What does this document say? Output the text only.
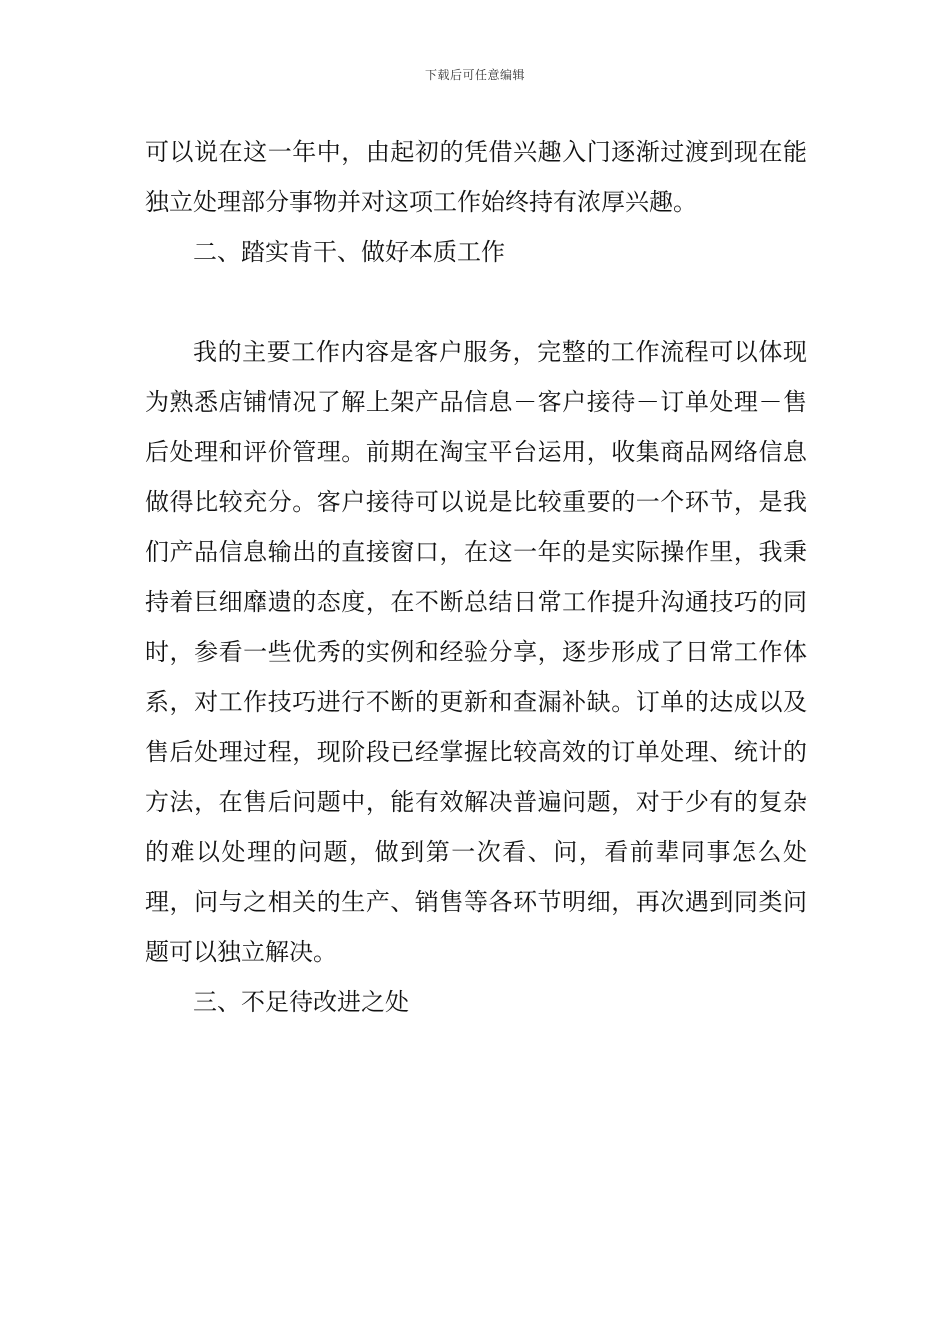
下载后可任意编辑

可以说在这一年中，由起初的凭借兴趣入门逐渐过渡到现在能独立处理部分事物并对这项工作始终持有浓厚兴趣。

二、踏实肯干、做好本质工作

我的主要工作内容是客户服务，完整的工作流程可以体现为熟悉店铺情况了解上架产品信息－客户接待－订单处理－售后处理和评价管理。前期在淘宝平台运用，收集商品网络信息做得比较充分。客户接待可以说是比较重要的一个环节，是我们产品信息输出的直接窗口，在这一年的是实际操作里，我秉持着巨细靡遗的态度，在不断总结日常工作提升沟通技巧的同时，参看一些优秀的实例和经验分享，逐步形成了日常工作体系，对工作技巧进行不断的更新和查漏补缺。订单的达成以及售后处理过程，现阶段已经掌握比较高效的订单处理、统计的方法，在售后问题中，能有效解决普遍问题，对于少有的复杂的难以处理的问题，做到第一次看、问，看前辈同事怎么处理，问与之相关的生产、销售等各环节明细，再次遇到同类问题可以独立解决。

三、不足待改进之处
